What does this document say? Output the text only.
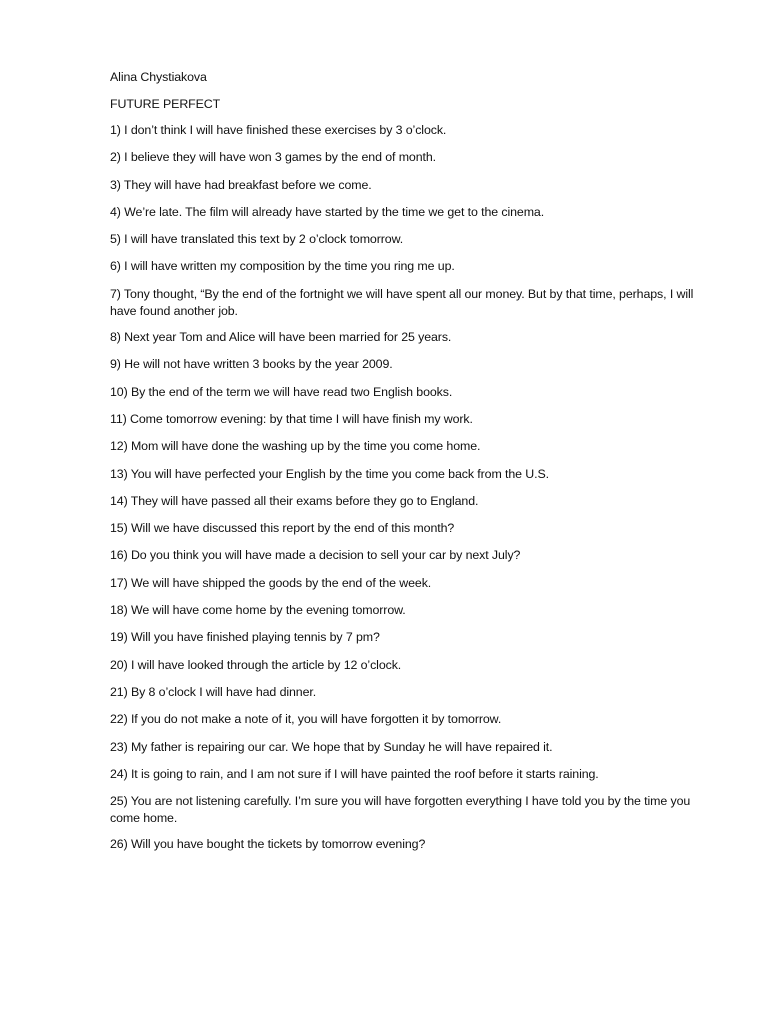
Alina Chystiakova

FUTURE PERFECT

1) I don’t think I will have finished these exercises by 3 o’clock.
2) I believe they will have won 3 games by the end of month.
3) They will have had breakfast before we come.
4) We’re late. The film will already have started by the time we get to the cinema.
5) I will have translated this text by 2 o’clock tomorrow.
6) I will have written my composition by the time you ring me up.
7) Tony thought, “By the end of the fortnight we will have spent all our money. But by that time, perhaps, I will have found another job.
8) Next year Tom and Alice will have been married for 25 years.
9) He will not have written 3 books by the year 2009.
10) By the end of the term we will have read two English books.
11) Come tomorrow evening: by that time I will have finish my work.
12) Mom will have done the washing up by the time you come home.
13) You will have perfected your English by the time you come back from the U.S.
14) They will have passed all their exams before they go to England.
15) Will we have discussed this report by the end of this month?
16) Do you think you will have made a decision to sell your car by next July?
17) We will have shipped the goods by the end of the week.
18) We will have come home by the evening tomorrow.
19) Will you have finished playing tennis by 7 pm?
20) I will have looked through the article by 12 o’clock.
21) By 8 o’clock I will have had dinner.
22) If you do not make a note of it, you will have forgotten it by tomorrow.
23) My father is repairing our car. We hope that by Sunday he will have repaired it.
24) It is going to rain, and I am not sure if I will have painted the roof before it starts raining.
25) You are not listening carefully. I’m sure you will have forgotten everything I have told you by the time you come home.
26) Will you have bought the tickets by tomorrow evening?
